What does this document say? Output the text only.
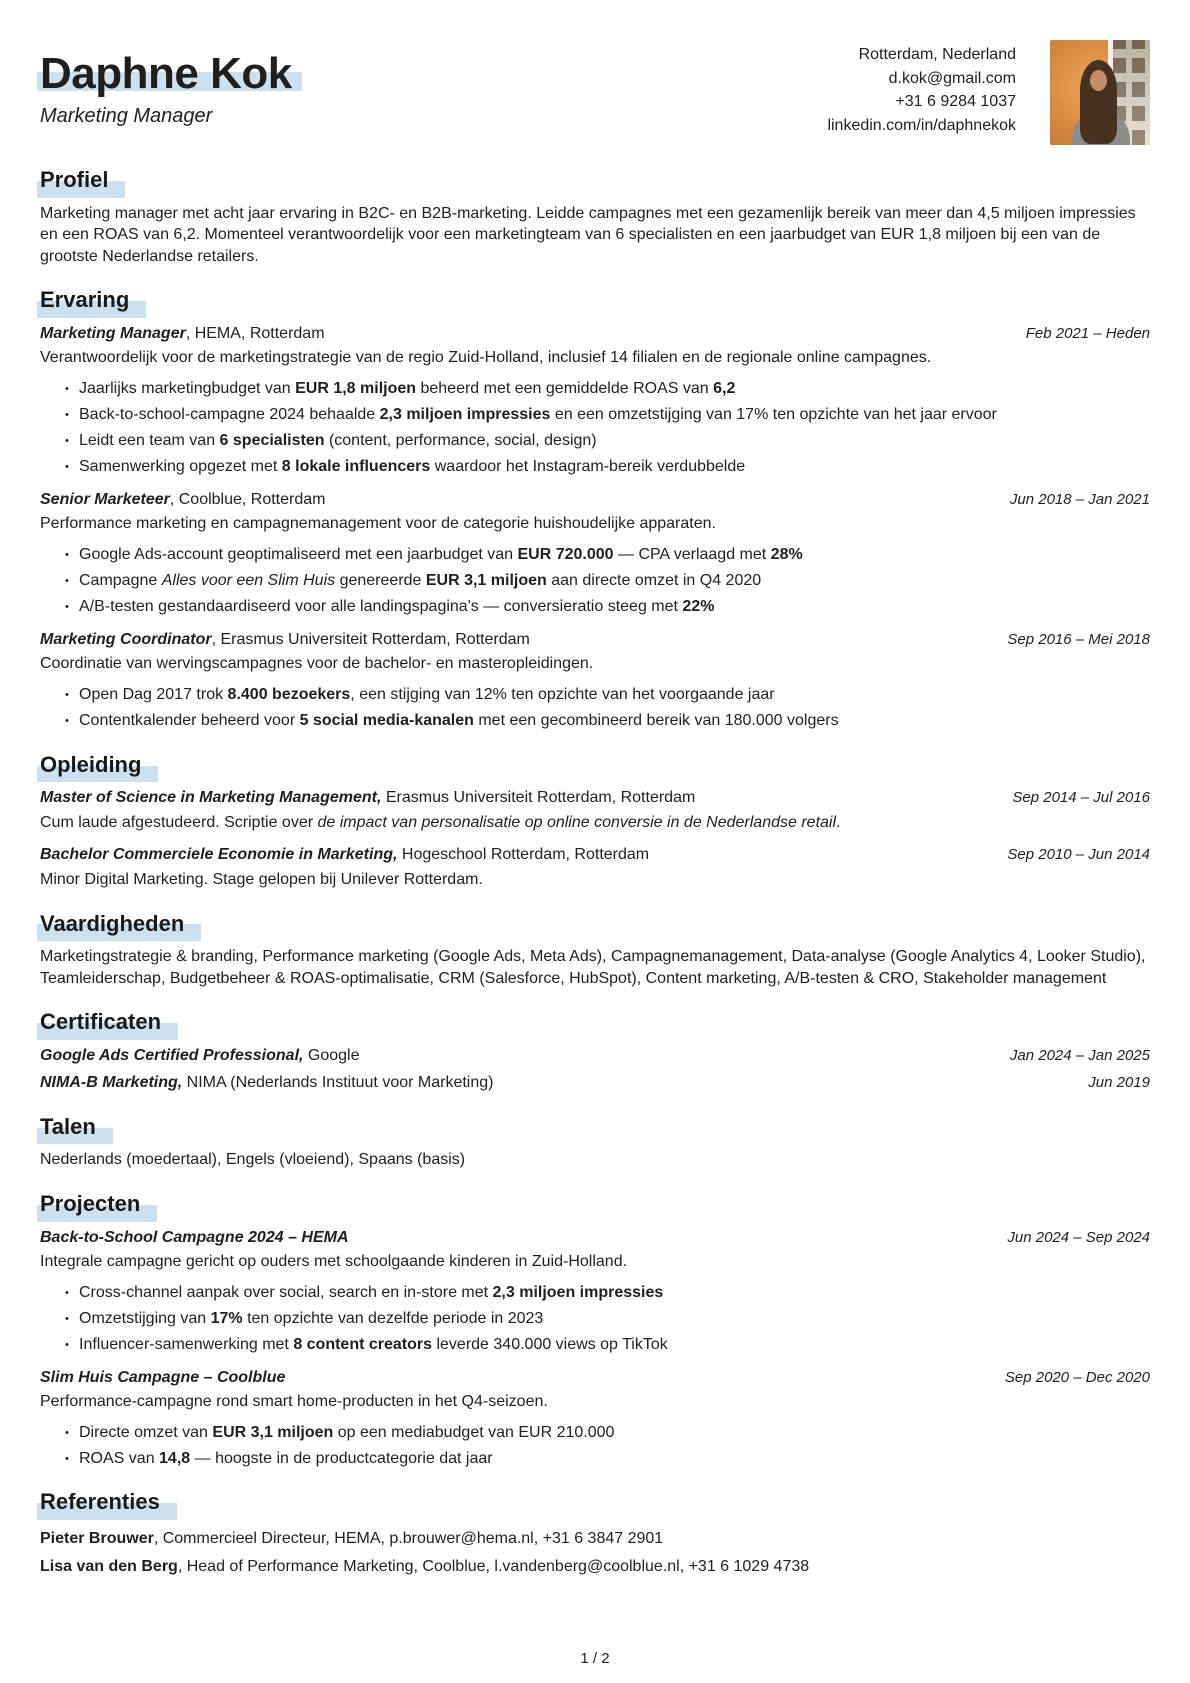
Daphne Kok
Marketing Manager
Rotterdam, Nederland
d.kok@gmail.com
+31 6 9284 1037
linkedin.com/in/daphnekok
Profiel

Marketing manager met acht jaar ervaring in B2C- en B2B-marketing. Leidde campagnes met een gezamenlijk bereik van meer dan 4,5 miljoen impressies en een ROAS van 6,2. Momenteel verantwoordelijk voor een marketingteam van 6 specialisten en een jaarbudget van EUR 1,8 miljoen bij een van de grootste Nederlandse retailers.

Ervaring
Marketing Manager, HEMA, Rotterdam	Feb 2021 – Heden

Verantwoordelijk voor de marketingstrategie van de regio Zuid-Holland, inclusief 14 filialen en de regionale online campagnes.

• Jaarlijks marketingbudget van EUR 1,8 miljoen beheerd met een gemiddelde ROAS van 6,2
• Back-to-school-campagne 2024 behaalde 2,3 miljoen impressies en een omzetstijging van 17% ten opzichte van het jaar ervoor
• Leidt een team van 6 specialisten (content, performance, social, design)
• Samenwerking opgezet met 8 lokale influencers waardoor het Instagram-bereik verdubbelde
Senior Marketeer, Coolblue, Rotterdam	Jun 2018 – Jan 2021

Performance marketing en campagnemanagement voor de categorie huishoudelijke apparaten.

• Google Ads-account geoptimaliseerd met een jaarbudget van EUR 720.000 — CPA verlaagd met 28%
• Campagne Alles voor een Slim Huis genereerde EUR 3,1 miljoen aan directe omzet in Q4 2020
• A/B-testen gestandaardiseerd voor alle landingspagina's — conversieratio steeg met 22%
Marketing Coordinator, Erasmus Universiteit Rotterdam, Rotterdam	Sep 2016 – Mei 2018

Coordinatie van wervingscampagnes voor de bachelor- en masteropleidingen.

• Open Dag 2017 trok 8.400 bezoekers, een stijging van 12% ten opzichte van het voorgaande jaar
• Contentkalender beheerd voor 5 social media-kanalen met een gecombineerd bereik van 180.000 volgers
Opleiding
Master of Science in Marketing Management, Erasmus Universiteit Rotterdam, Rotterdam	Sep 2014 – Jul 2016

Cum laude afgestudeerd. Scriptie over de impact van personalisatie op online conversie in de Nederlandse retail.

Bachelor Commerciele Economie in Marketing, Hogeschool Rotterdam, Rotterdam	Sep 2010 – Jun 2014

Minor Digital Marketing. Stage gelopen bij Unilever Rotterdam.

Vaardigheden

Marketingstrategie & branding, Performance marketing (Google Ads, Meta Ads), Campagnemanagement, Data-analyse (Google Analytics 4, Looker Studio), Teamleiderschap, Budgetbeheer & ROAS-optimalisatie, CRM (Salesforce, HubSpot), Content marketing, A/B-testen & CRO, Stakeholder management

Certificaten
Google Ads Certified Professional, Google	Jan 2024 – Jan 2025
NIMA-B Marketing, NIMA (Nederlands Instituut voor Marketing)	Jun 2019
Talen

Nederlands (moedertaal), Engels (vloeiend), Spaans (basis)

Projecten
Back-to-School Campagne 2024 – HEMA	Jun 2024 – Sep 2024

Integrale campagne gericht op ouders met schoolgaande kinderen in Zuid-Holland.

• Cross-channel aanpak over social, search en in-store met 2,3 miljoen impressies
• Omzetstijging van 17% ten opzichte van dezelfde periode in 2023
• Influencer-samenwerking met 8 content creators leverde 340.000 views op TikTok
Slim Huis Campagne – Coolblue	Sep 2020 – Dec 2020

Performance-campagne rond smart home-producten in het Q4-seizoen.

• Directe omzet van EUR 3,1 miljoen op een mediabudget van EUR 210.000
• ROAS van 14,8 — hoogste in de productcategorie dat jaar
Referenties

Pieter Brouwer, Commercieel Directeur, HEMA, p.brouwer@hema.nl, +31 6 3847 2901

Lisa van den Berg, Head of Performance Marketing, Coolblue, l.vandenberg@coolblue.nl, +31 6 1029 4738

1 / 2
